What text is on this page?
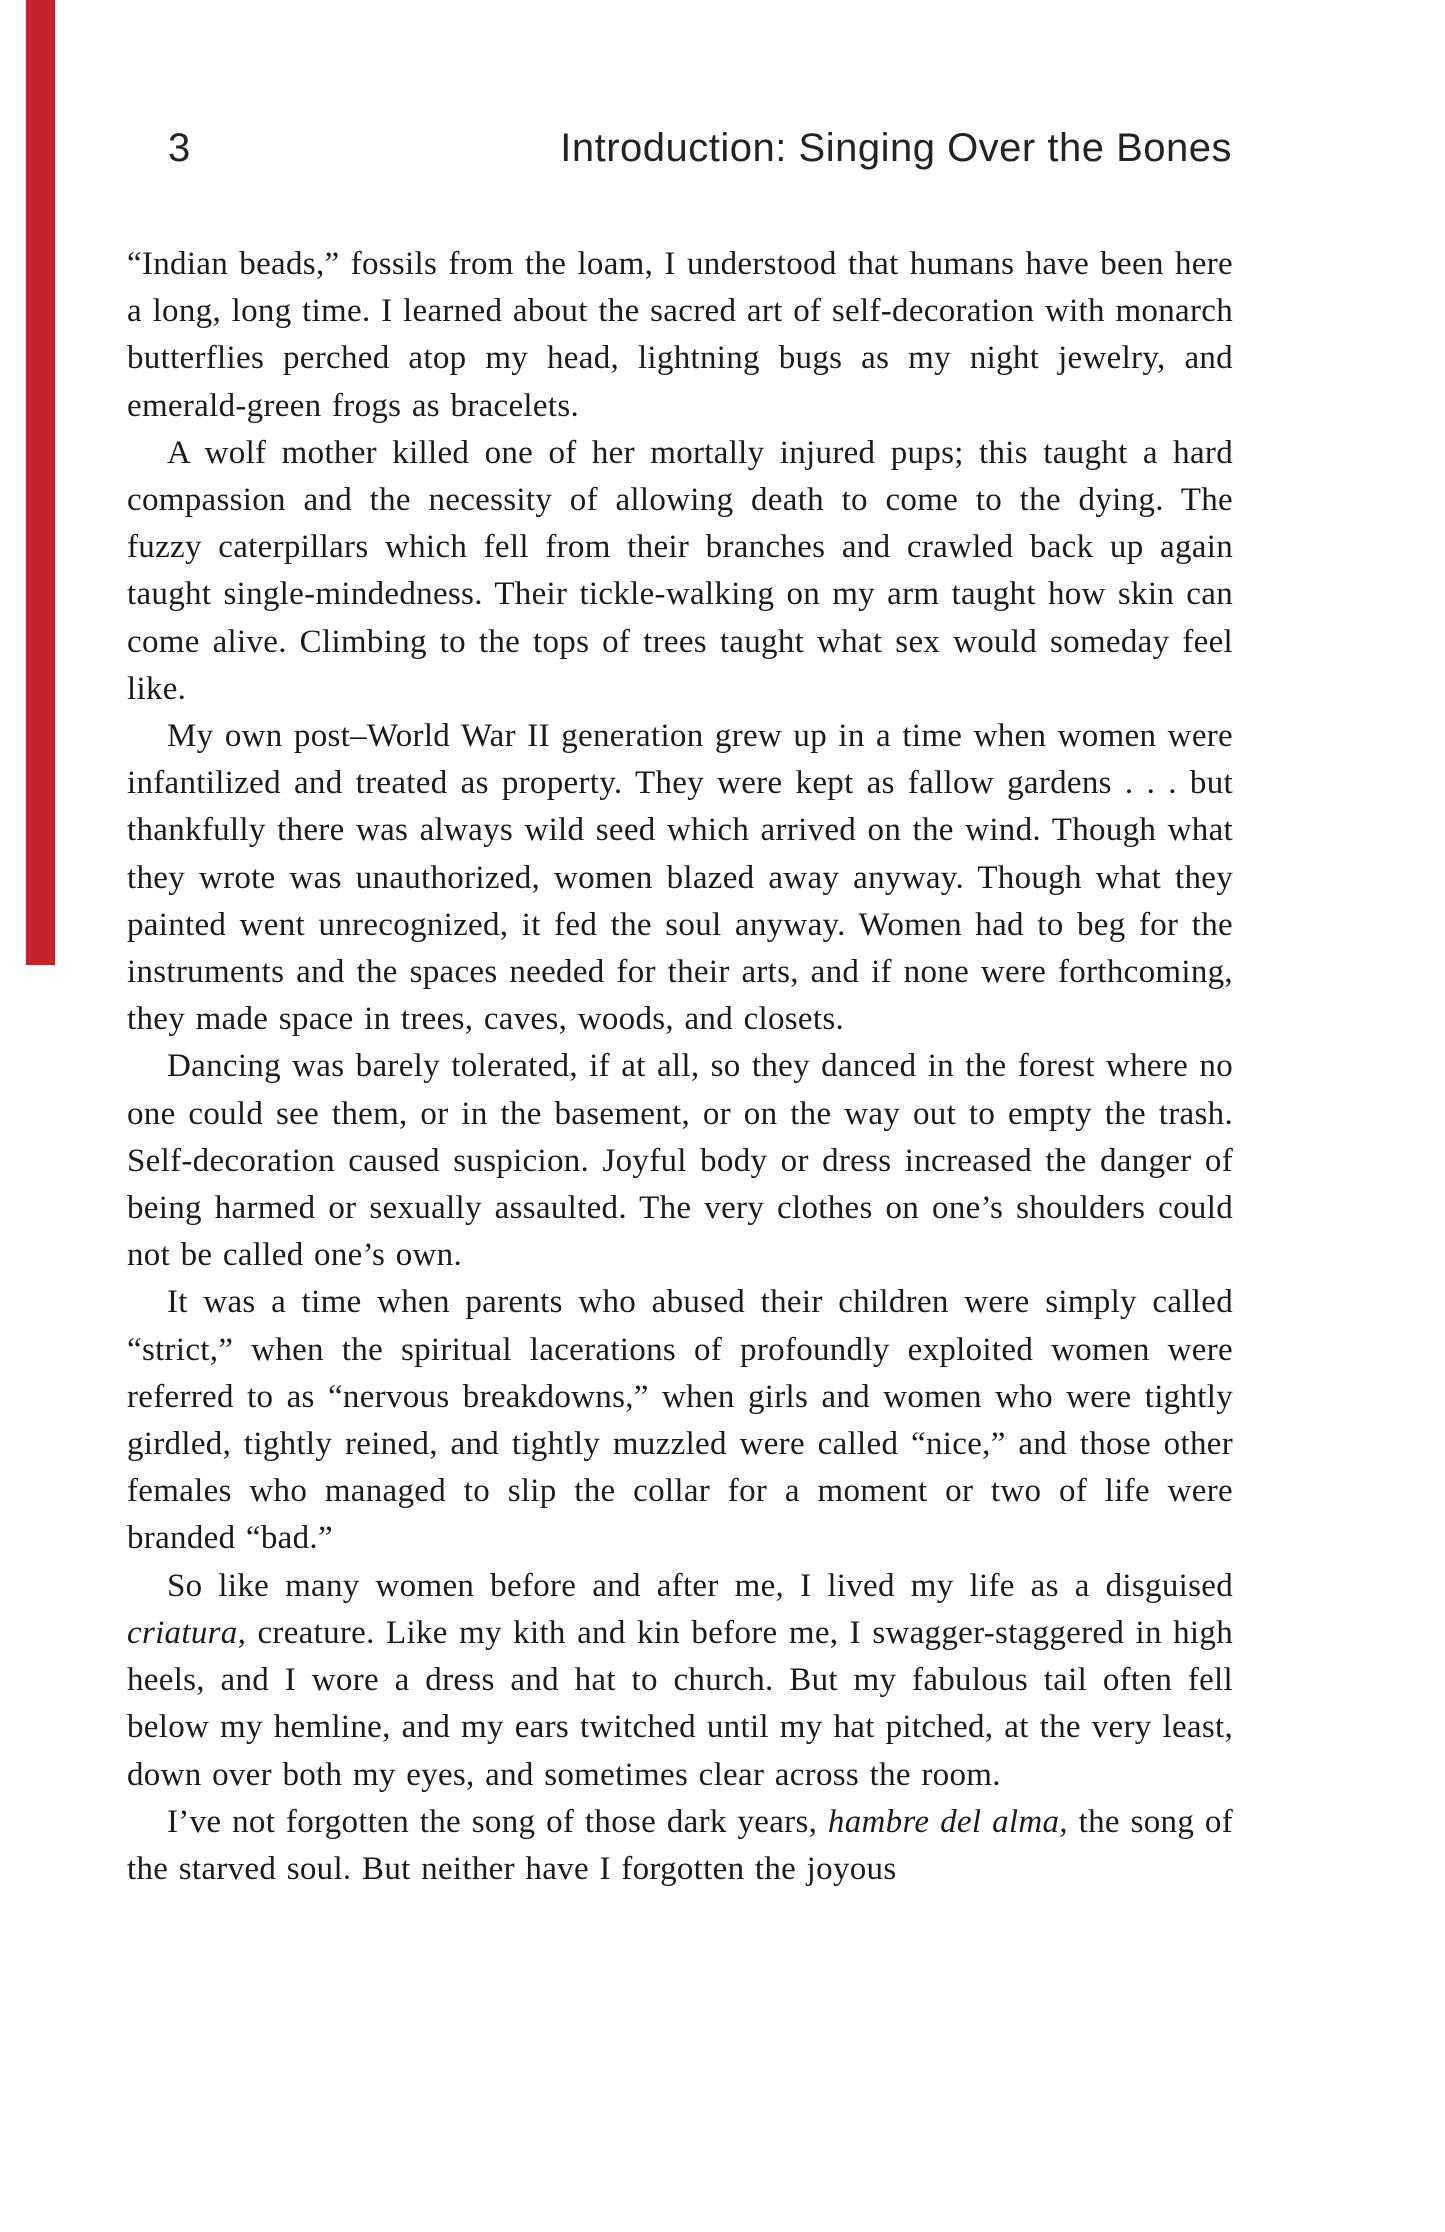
3	Introduction: Singing Over the Bones

“Indian beads,” fossils from the loam, I understood that humans have been here a long, long time. I learned about the sacred art of self-decoration with monarch butterflies perched atop my head, lightning bugs as my night jewelry, and emerald-green frogs as bracelets.

A wolf mother killed one of her mortally injured pups; this taught a hard compassion and the necessity of allowing death to come to the dying. The fuzzy caterpillars which fell from their branches and crawled back up again taught single-mindedness. Their tickle-walking on my arm taught how skin can come alive. Climbing to the tops of trees taught what sex would someday feel like.

My own post–World War II generation grew up in a time when women were infantilized and treated as property. They were kept as fallow gardens . . . but thankfully there was always wild seed which arrived on the wind. Though what they wrote was unauthorized, women blazed away anyway. Though what they painted went unrecognized, it fed the soul anyway. Women had to beg for the instruments and the spaces needed for their arts, and if none were forthcoming, they made space in trees, caves, woods, and closets.

Dancing was barely tolerated, if at all, so they danced in the forest where no one could see them, or in the basement, or on the way out to empty the trash. Self-decoration caused suspicion. Joyful body or dress increased the danger of being harmed or sexually assaulted. The very clothes on one’s shoulders could not be called one’s own.

It was a time when parents who abused their children were simply called “strict,” when the spiritual lacerations of profoundly exploited women were referred to as “nervous breakdowns,” when girls and women who were tightly girdled, tightly reined, and tightly muzzled were called “nice,” and those other females who managed to slip the collar for a moment or two of life were branded “bad.”

So like many women before and after me, I lived my life as a disguised criatura, creature. Like my kith and kin before me, I swagger-staggered in high heels, and I wore a dress and hat to church. But my fabulous tail often fell below my hemline, and my ears twitched until my hat pitched, at the very least, down over both my eyes, and sometimes clear across the room.

I’ve not forgotten the song of those dark years, hambre del alma, the song of the starved soul. But neither have I forgotten the joyous
